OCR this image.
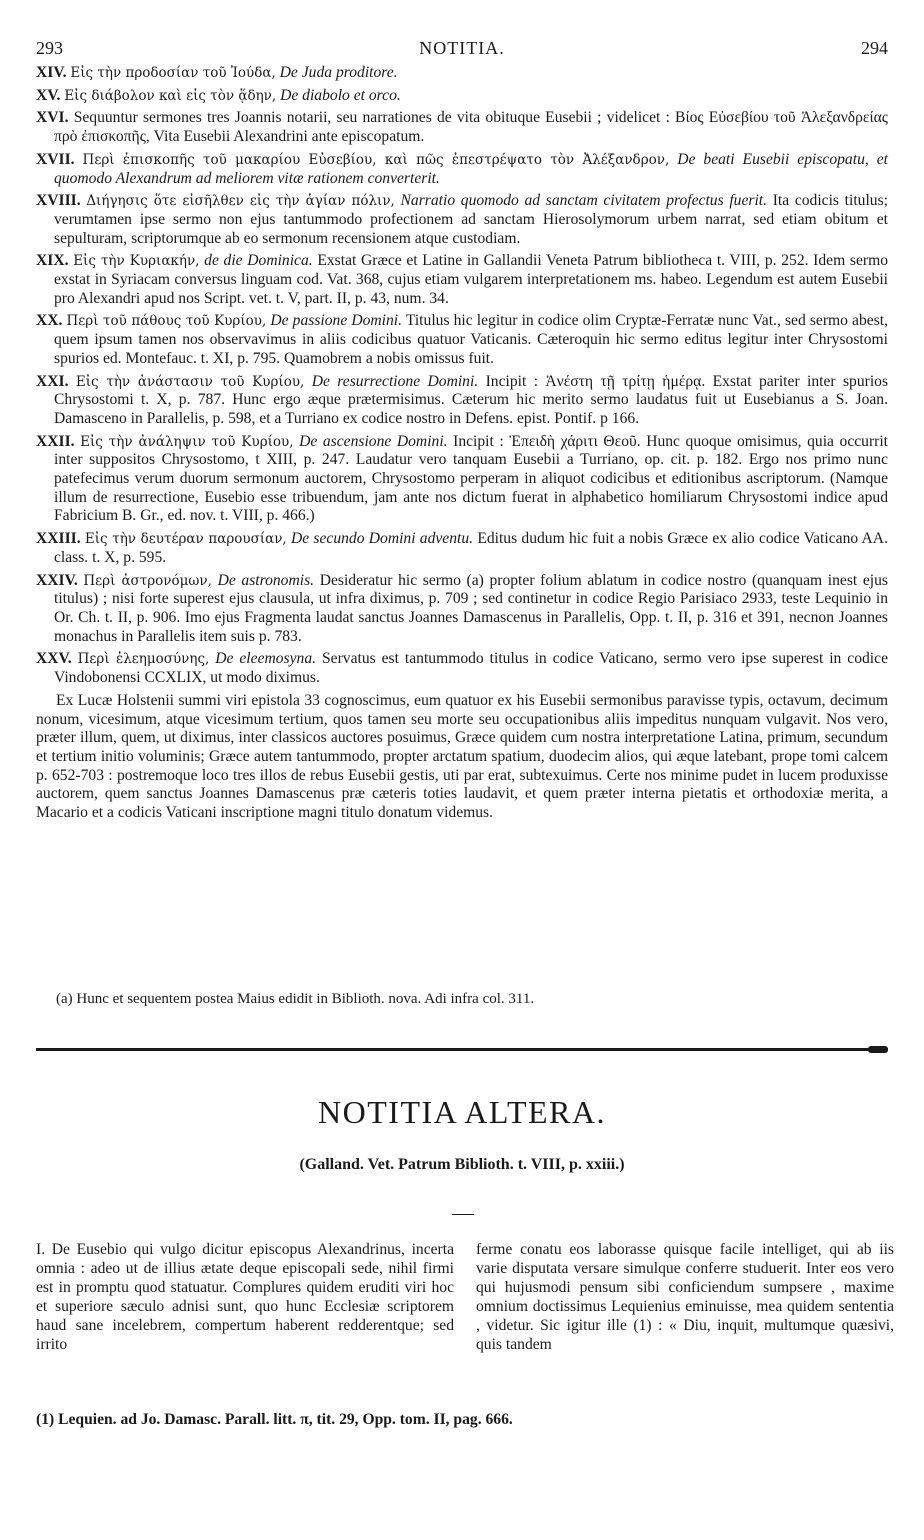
NOTITIA.
293	294

XIV. Εἰς τὴν προδοσίαν τοῦ Ἰούδα, De Juda proditore.

XV. Εἰς διάβολον καὶ εἰς τὸν ᾅδην, De diabolo et orco.

XVI. Sequuntur sermones tres Joannis notarii, seu narrationes de vita obituque Eusebii ; videlicet : Βίος Εὐσεβίου τοῦ Ἀλεξανδρείας πρὸ ἐπισκοπῆς, Vita Eusebii Alexandrini ante episcopatum.

XVII. Περὶ ἐπισκοπῆς τοῦ μακαρίου Εὐσεβίου, καὶ πῶς ἐπεστρέψατο τὸν Ἀλέξανδρον, De beati Eusebii episcopatu, et quomodo Alexandrum ad meliorem vitæ rationem converterit.

XVIII. Διήγησις ὅτε εἰσῆλθεν εἰς τὴν ἁγίαν πόλιν, Narratio quomodo ad sanctam civitatem profectus fuerit. Ita codicis titulus; verumtamen ipse sermo non ejus tantummodo profectionem ad sanctam Hierosolymorum urbem narrat, sed etiam obitum et sepulturam, scriptorumque ab eo sermonum recensionem atque custodiam.

XIX. Εἰς τὴν Κυριακήν, de die Dominica. Exstat Græce et Latine in Gallandii Veneta Patrum bibliotheca t. VIII, p. 252. Idem sermo exstat in Syriacam conversus linguam cod. Vat. 368, cujus etiam vulgarem interpretationem ms. habeo. Legendum est autem Eusebii pro Alexandri apud nos Script. vet. t. V, part. II, p. 43, num. 34.

XX. Περὶ τοῦ πάθους τοῦ Κυρίου, De passione Domini. Titulus hic legitur in codice olim Cryptæ-Ferratæ nunc Vat., sed sermo abest, quem ipsum tamen nos observavimus in aliis codicibus quatuor Vaticanis. Cæteroquin hic sermo editus legitur inter Chrysostomi spurios ed. Montefauc. t. XI, p. 795. Quamobrem a nobis omissus fuit.

XXI. Εἰς τὴν ἀνάστασιν τοῦ Κυρίου, De resurrectione Domini. Incipit : Ἀνέστη τῇ τρίτῃ ἡμέρᾳ. Exstat pariter inter spurios Chrysostomi t. X, p. 787. Hunc ergo æque prætermisimus. Cæterum hic merito sermo laudatus fuit ut Eusebianus a S. Joan. Damasceno in Parallelis, p. 598, et a Turriano ex codice nostro in Defens. epist. Pontif. p 166.

XXII. Εἰς τὴν ἀνάληψιν τοῦ Κυρίου, De ascensione Domini. Incipit : Ἐπειδὴ χάριτι Θεοῦ. Hunc quoque omisimus, quia occurrit inter suppositos Chrysostomo, t XIII, p. 247. Laudatur vero tanquam Eusebii a Turriano, op. cit. p. 182. Ergo nos primo nunc patefecimus verum duorum sermonum auctorem, Chrysostomo perperam in aliquot codicibus et editionibus ascriptorum. (Namque illum de resurrectione, Eusebio esse tribuendum, jam ante nos dictum fuerat in alphabetico homiliarum Chrysostomi indice apud Fabricium B. Gr., ed. nov. t. VIII, p. 466.)

XXIII. Εἰς τὴν δευτέραν παρουσίαν, De secundo Domini adventu. Editus dudum hic fuit a nobis Græce ex alio codice Vaticano AA. class. t. X, p. 595.

XXIV. Περὶ ἀστρονόμων, De astronomis. Desideratur hic sermo (a) propter folium ablatum in codice nostro (quanquam inest ejus titulus) ; nisi forte superest ejus clausula, ut infra diximus, p. 709 ; sed continetur in codice Regio Parisiaco 2933, teste Lequinio in Or. Ch. t. II, p. 906. Imo ejus Fragmenta laudat sanctus Joannes Damascenus in Parallelis, Opp. t. II, p. 316 et 391, necnon Joannes monachus in Parallelis item suis p. 783.

XXV. Περὶ ἐλεημοσύνης, De eleemosyna. Servatus est tantummodo titulus in codice Vaticano, sermo vero ipse superest in codice Vindobonensi CCXLIX, ut modo diximus.

Ex Lucæ Holstenii summi viri epistola 33 cognoscimus, eum quatuor ex his Eusebii sermonibus paravisse typis, octavum, decimum nonum, vicesimum, atque vicesimum tertium, quos tamen seu morte seu occupationibus aliis impeditus nunquam vulgavit. Nos vero, præter illum, quem, ut diximus, inter classicos auctores posuimus, Græce quidem cum nostra interpretatione Latina, primum, secundum et tertium initio voluminis; Græce autem tantummodo, propter arctatum spatium, duodecim alios, qui æque latebant, prope tomi calcem p. 652-703 : postremoque loco tres illos de rebus Eusebii gestis, uti par erat, subtexuimus. Certe nos minime pudet in lucem produxisse auctorem, quem sanctus Joannes Damascenus præ cæteris toties laudavit, et quem præter interna pietatis et orthodoxiæ merita, a Macario et a codicis Vaticani inscriptione magni titulo donatum videmus.

(a) Hunc et sequentem postea Maius edidit in Biblioth. nova. Adi infra col. 311.
NOTITIA ALTERA.
(Galland. Vet. Patrum Biblioth. t. VIII, p. xxiii.)
I. De Eusebio qui vulgo dicitur episcopus Alexandrinus, incerta omnia : adeo ut de illius ætate deque episcopali sede, nihil firmi est in promptu quod statuatur. Complures quidem eruditi viri hoc et superiore sæculo adnisi sunt, quo hunc Ecclesiæ scriptorem haud sane incelebrem, compertum haberent redderentque; sed irrito
ferme conatu eos laborasse quisque facile intelliget, qui ab iis varie disputata versare simulque conferre studuerit. Inter eos vero qui hujusmodi pensum sibi conficiendum sumpsere , maxime omnium doctissimus Lequienius eminuisse, mea quidem sententia , videtur. Sic igitur ille (1) : « Diu, inquit, multumque quæsivi, quis tandem
(1) Lequien. ad Jo. Damasc. Parall. litt. π, tit. 29, Opp. tom. II, pag. 666.
